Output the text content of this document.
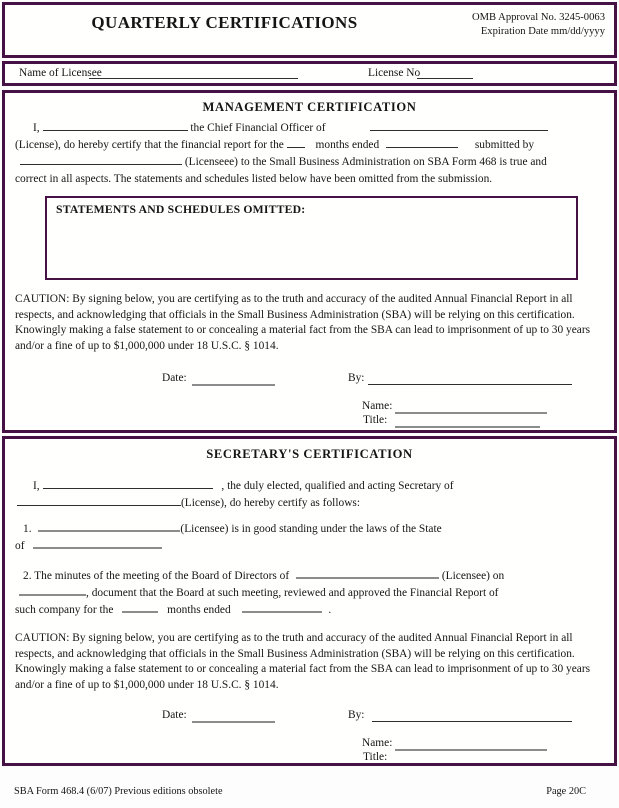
QUARTERLY CERTIFICATIONS	OMB Approval No. 3245-0063
Expiration Date mm/dd/yyyy
Name of Licensee	License No
MANAGEMENT CERTIFICATION
I,	the Chief Financial Officer of
(License), do hereby certify that the financial report for the	months ended	submitted by
(Licenseee) to the Small Business Administration on SBA Form 468 is true and
correct in all aspects. The statements and schedules listed below have been omitted from the submission.
STATEMENTS AND SCHEDULES OMITTED:
CAUTION: By signing below, you are certifying as to the truth and accuracy of the audited Annual Financial Report in all respects, and acknowledging that officials in the Small Business Administration (SBA) will be relying on this certification. Knowingly making a false statement to or concealing a material fact from the SBA can lead to imprisonment of up to 30 years and/or a fine of up to $1,000,000 under 18 U.S.C. § 1014.
Date:	By:
Name:
Title:
SECRETARY'S CERTIFICATION
I,	, the duly elected, qualified and acting Secretary of
(License), do hereby certify as follows:
1.	(Licensee) is in good standing under the laws of the State
of
2. The minutes of the meeting of the Board of Directors of	(Licensee) on
, document that the Board at such meeting, reviewed and approved the Financial Report of
such company for the	months ended	.
CAUTION: By signing below, you are certifying as to the truth and accuracy of the audited Annual Financial Report in all respects, and acknowledging that officials in the Small Business Administration (SBA) will be relying on this certification. Knowingly making a false statement to or concealing a material fact from the SBA can lead to imprisonment of up to 30 years and/or a fine of up to $1,000,000 under 18 U.S.C. § 1014.
Date:	By:
Name:
Title:
SBA Form 468.4 (6/07) Previous editions obsolete	Page 20C
